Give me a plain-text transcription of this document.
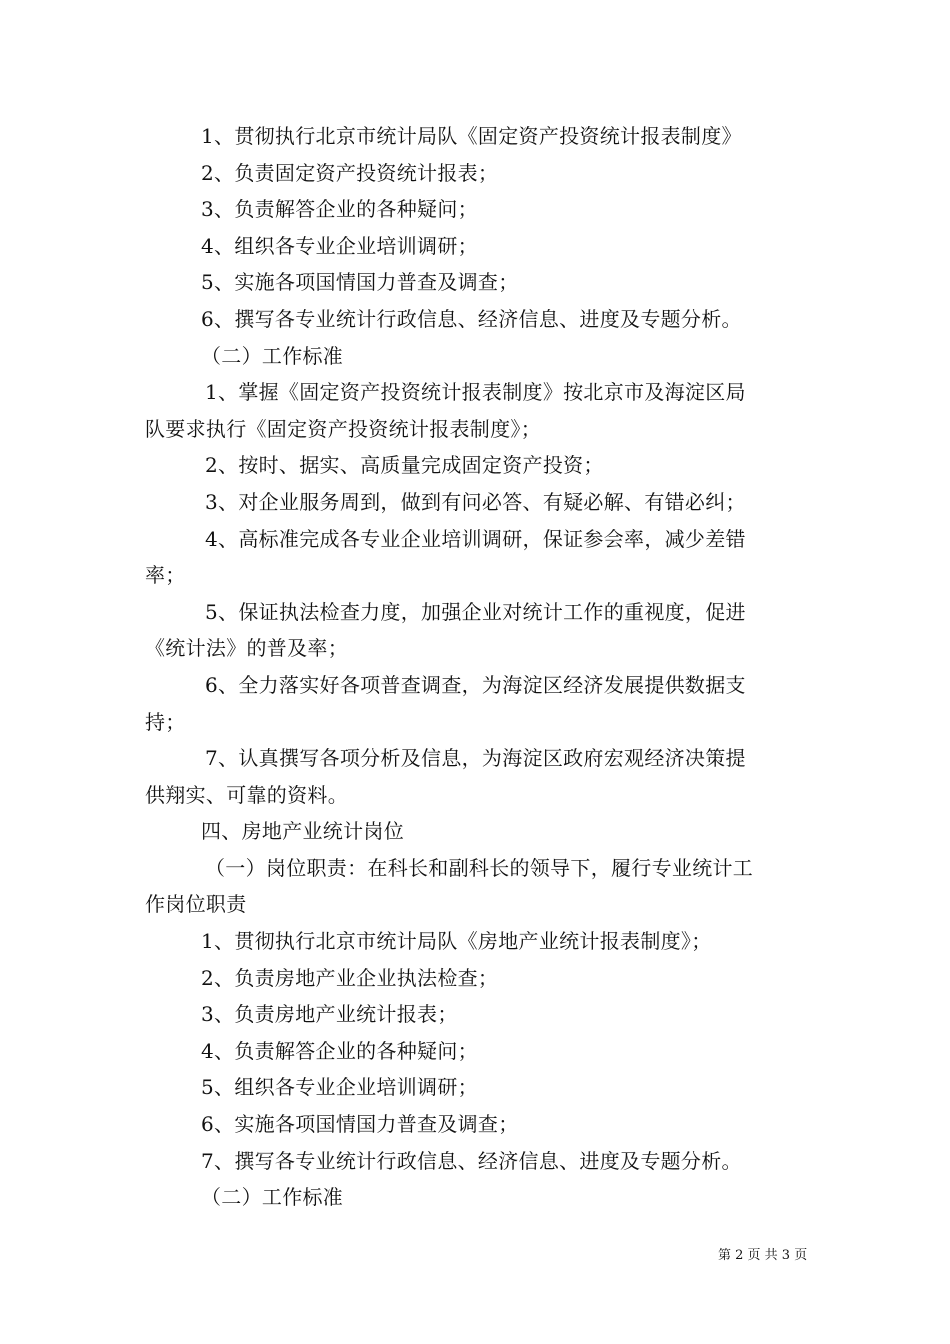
1、贯彻执行北京市统计局队《固定资产投资统计报表制度》
2、负责固定资产投资统计报表；
3、负责解答企业的各种疑问；
4、组织各专业企业培训调研；
5、实施各项国情国力普查及调查；
6、撰写各专业统计行政信息、经济信息、进度及专题分析。
（二）工作标准
1、掌握《固定资产投资统计报表制度》按北京市及海淀区局
队要求执行《固定资产投资统计报表制度》；
2、按时、据实、高质量完成固定资产投资；
3、对企业服务周到，做到有问必答、有疑必解、有错必纠；
4、高标准完成各专业企业培训调研，保证参会率，减少差错
率；
5、保证执法检查力度，加强企业对统计工作的重视度，促进
《统计法》的普及率；
6、全力落实好各项普查调查，为海淀区经济发展提供数据支
持；
7、认真撰写各项分析及信息，为海淀区政府宏观经济决策提
供翔实、可靠的资料。
四、房地产业统计岗位
（一）岗位职责：在科长和副科长的领导下，履行专业统计工
作岗位职责
1、贯彻执行北京市统计局队《房地产业统计报表制度》；
2、负责房地产业企业执法检查；
3、负责房地产业统计报表；
4、负责解答企业的各种疑问；
5、组织各专业企业培训调研；
6、实施各项国情国力普查及调查；
7、撰写各专业统计行政信息、经济信息、进度及专题分析。
（二）工作标准
第 2 页 共 3 页
